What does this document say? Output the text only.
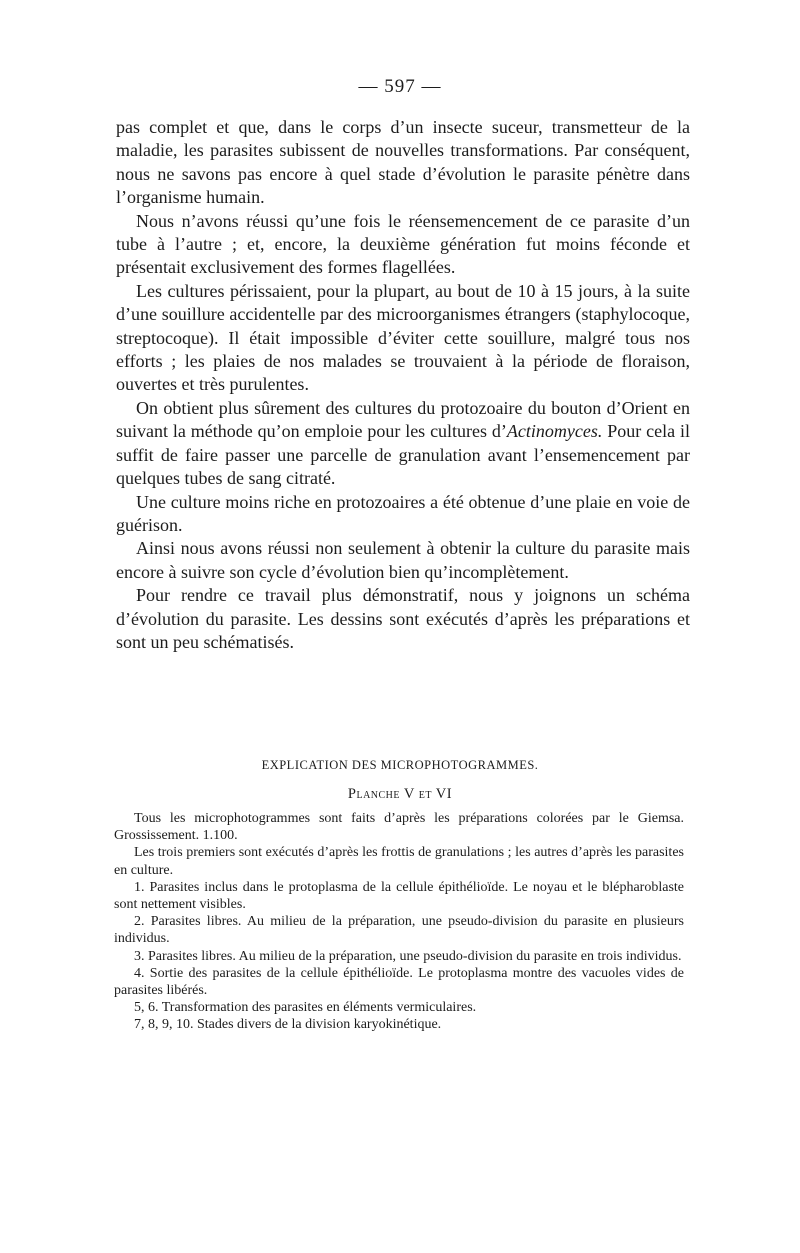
— 597 —

pas complet et que, dans le corps d’un insecte suceur, transmetteur de la maladie, les parasites subissent de nouvelles transformations. Par conséquent, nous ne savons pas encore à quel stade d’évolution le parasite pénètre dans l’organisme humain.

Nous n’avons réussi qu’une fois le réensemencement de ce parasite d’un tube à l’autre ; et, encore, la deuxième génération fut moins féconde et présentait exclusivement des formes flagellées.

Les cultures périssaient, pour la plupart, au bout de 10 à 15 jours, à la suite d’une souillure accidentelle par des microorganismes étrangers (staphylocoque, streptocoque). Il était impossible d’éviter cette souillure, malgré tous nos efforts ; les plaies de nos malades se trouvaient à la période de floraison, ouvertes et très purulentes.

On obtient plus sûrement des cultures du protozoaire du bouton d’Orient en suivant la méthode qu’on emploie pour les cultures d’Actinomyces. Pour cela il suffit de faire passer une parcelle de granulation avant l’ensemencement par quelques tubes de sang citraté.

Une culture moins riche en protozoaires a été obtenue d’une plaie en voie de guérison.

Ainsi nous avons réussi non seulement à obtenir la culture du parasite mais encore à suivre son cycle d’évolution bien qu’incomplètement.

Pour rendre ce travail plus démonstratif, nous y joignons un schéma d’évolution du parasite. Les dessins sont exécutés d’après les préparations et sont un peu schématisés.

EXPLICATION DES MICROPHOTOGRAMMES.
Planche V et VI

Tous les microphotogrammes sont faits d’après les préparations colorées par le Giemsa. Grossissement. 1.100.

Les trois premiers sont exécutés d’après les frottis de granulations ; les autres d’après les parasites en culture.

1. Parasites inclus dans le protoplasma de la cellule épithélioïde. Le noyau et le blépharoblaste sont nettement visibles.

2. Parasites libres. Au milieu de la préparation, une pseudo-division du parasite en plusieurs individus.

3. Parasites libres. Au milieu de la préparation, une pseudo-division du parasite en trois individus.

4. Sortie des parasites de la cellule épithélioïde. Le protoplasma montre des vacuoles vides de parasites libérés.

5, 6. Transformation des parasites en éléments vermiculaires.

7, 8, 9, 10. Stades divers de la division karyokinétique.
